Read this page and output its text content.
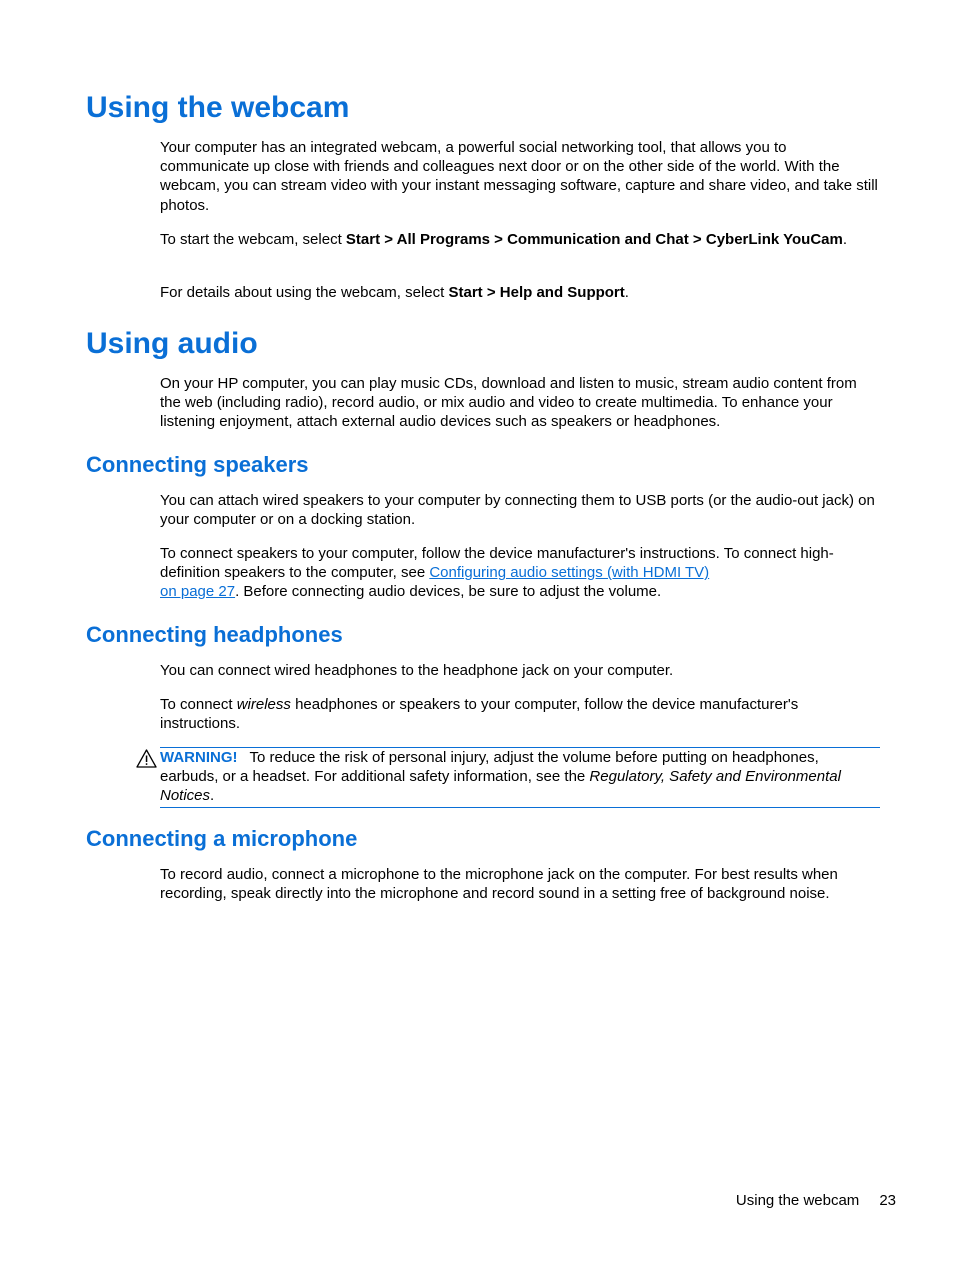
Using the webcam

Your computer has an integrated webcam, a powerful social networking tool, that allows you to communicate up close with friends and colleagues next door or on the other side of the world. With the webcam, you can stream video with your instant messaging software, capture and share video, and take still photos.

To start the webcam, select Start > All Programs > Communication and Chat > CyberLink YouCam.

For details about using the webcam, select Start > Help and Support.

Using audio

On your HP computer, you can play music CDs, download and listen to music, stream audio content from the web (including radio), record audio, or mix audio and video to create multimedia. To enhance your listening enjoyment, attach external audio devices such as speakers or headphones.

Connecting speakers

You can attach wired speakers to your computer by connecting them to USB ports (or the audio-out jack) on your computer or on a docking station.

To connect speakers to your computer, follow the device manufacturer's instructions. To connect high-definition speakers to the computer, see Configuring audio settings (with HDMI TV)
on page 27. Before connecting audio devices, be sure to adjust the volume.

Connecting headphones

You can connect wired headphones to the headphone jack on your computer.

To connect wireless headphones or speakers to your computer, follow the device manufacturer's instructions.

WARNING! To reduce the risk of personal injury, adjust the volume before putting on headphones, earbuds, or a headset. For additional safety information, see the Regulatory, Safety and Environmental Notices.

Connecting a microphone

To record audio, connect a microphone to the microphone jack on the computer. For best results when recording, speak directly into the microphone and record sound in a setting free of background noise.

Using the webcam 23
